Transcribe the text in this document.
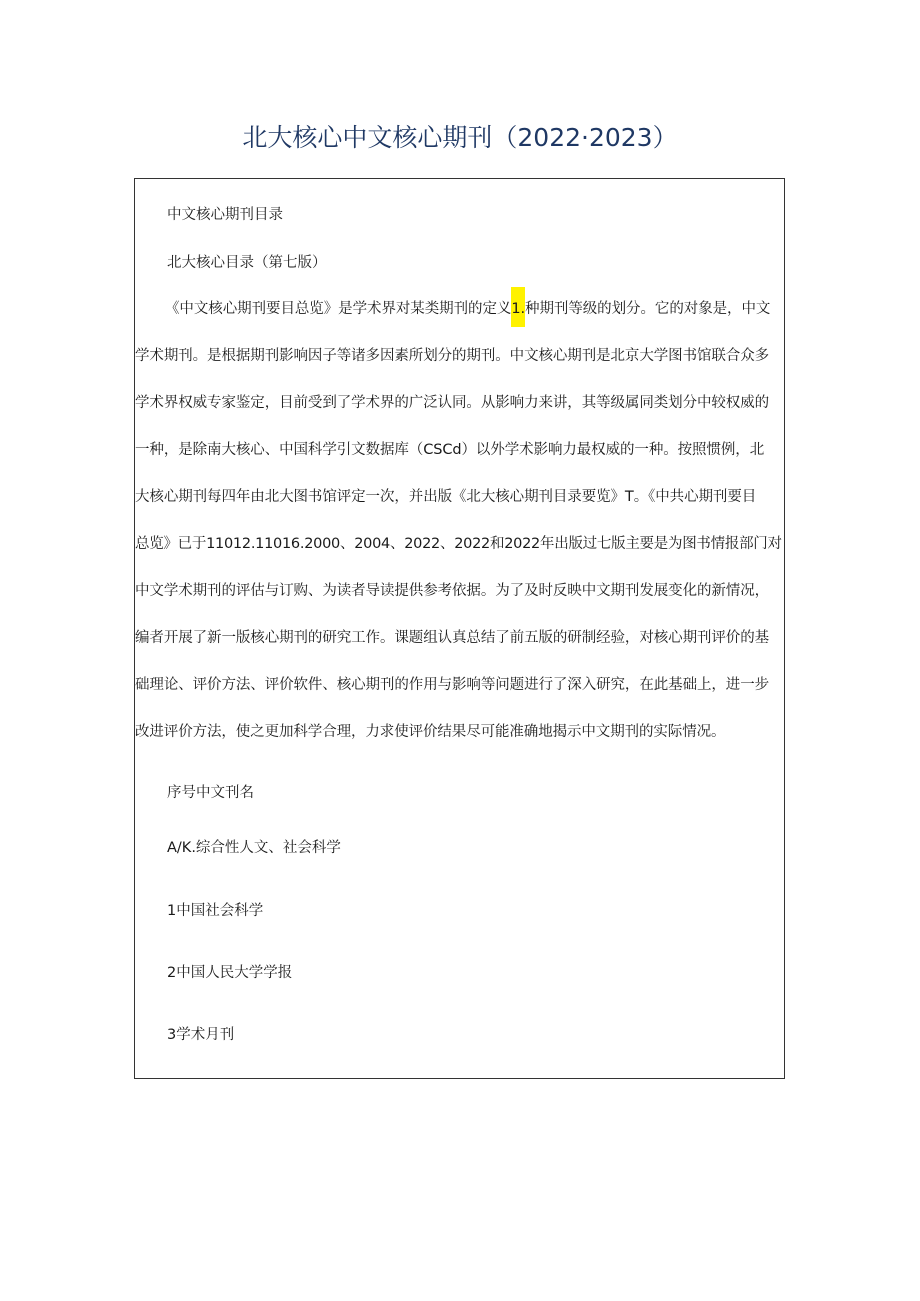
北大核心中文核心期刊（2022·2023）
中文核心期刊目录
北大核心目录（第七版）
《中文核心期刊要目总览》是学术界对某类期刊的定义1.种期刊等级的划分。它的对象是，中文
学术期刊。是根据期刊影响因子等诸多因素所划分的期刊。中文核心期刊是北京大学图书馆联合众多
学术界权威专家鉴定，目前受到了学术界的广泛认同。从影响力来讲，其等级属同类划分中较权威的
一种，是除南大核心、中国科学引文数据库（CSCd）以外学术影响力最权威的一种。按照惯例，北
大核心期刊每四年由北大图书馆评定一次，并出版《北大核心期刊目录要览》T。《中共心期刊要目
总览》已于11012.11016.2000、2004、2022、2022和2022年出版过七版主要是为图书情报部门对
中文学术期刊的评估与订购、为读者导读提供参考依据。为了及时反映中文期刊发展变化的新情况，
编者开展了新一版核心期刊的研究工作。课题组认真总结了前五版的研制经验，对核心期刊评价的基
础理论、评价方法、评价软件、核心期刊的作用与影响等问题进行了深入研究，在此基础上，进一步
改进评价方法，使之更加科学合理，力求使评价结果尽可能准确地揭示中文期刊的实际情况。
序号中文刊名
A/K.综合性人文、社会科学
1中国社会科学
2中国人民大学学报
3学术月刊
